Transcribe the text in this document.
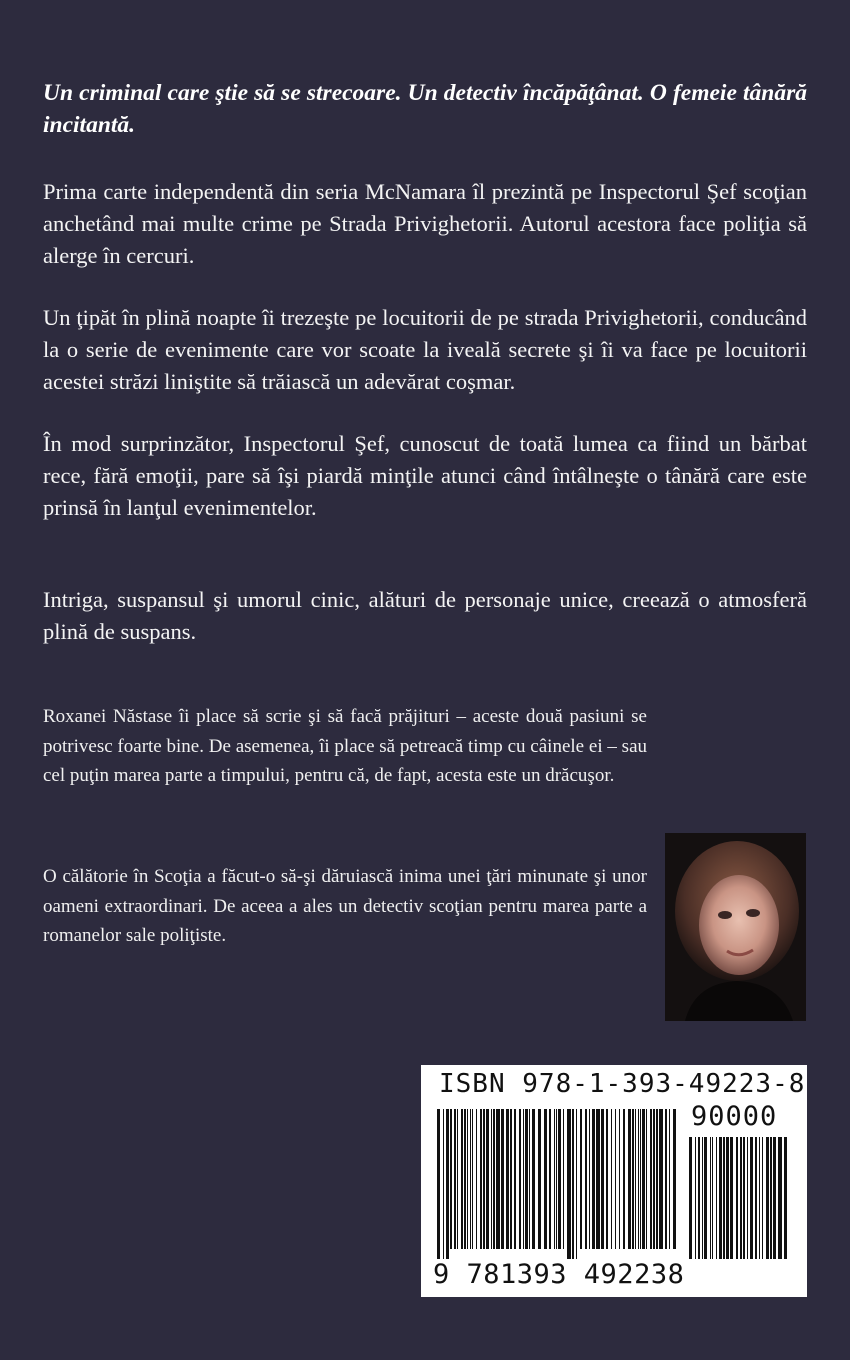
Un criminal care ştie să se strecoare. Un detectiv încăpăţânat. O femeie tânără incitantă.

Prima carte independentă din seria McNamara îl prezintă pe Inspectorul Şef scoţian anchetând mai multe crime pe Strada Privighetorii. Autorul acestora face poliţia să alerge în cercuri.

Un ţipăt în plină noapte îi trezeşte pe locuitorii de pe strada Privighetorii, conducând la o serie de evenimente care vor scoate la iveală secrete şi îi va face pe locuitorii acestei străzi liniştite să trăiască un adevărat coşmar.

În mod surprinzător, Inspectorul Şef, cunoscut de toată lumea ca fiind un bărbat rece, fără emoţii, pare să îşi piardă minţile atunci când întâlneşte o tânără care este prinsă în lanţul evenimentelor.

Intriga, suspansul şi umorul cinic, alături de personaje unice, creează o atmosferă plină de suspans.

Roxanei Năstase îi place să scrie şi să facă prăjituri – aceste două pasiuni se potrivesc foarte bine. De asemenea, îi place să petreacă timp cu câinele ei – sau cel puţin marea parte a timpului, pentru că, de fapt, acesta este un drăcuşor.

O călătorie în Scoţia a făcut-o să-şi dăruiască inima unei ţări minunate şi unor oameni extraordinari. De aceea a ales un detectiv scoţian pentru marea parte a romanelor sale poliţiste.

ISBN 978-1-393-49223-8
90000
9 781393 492238
